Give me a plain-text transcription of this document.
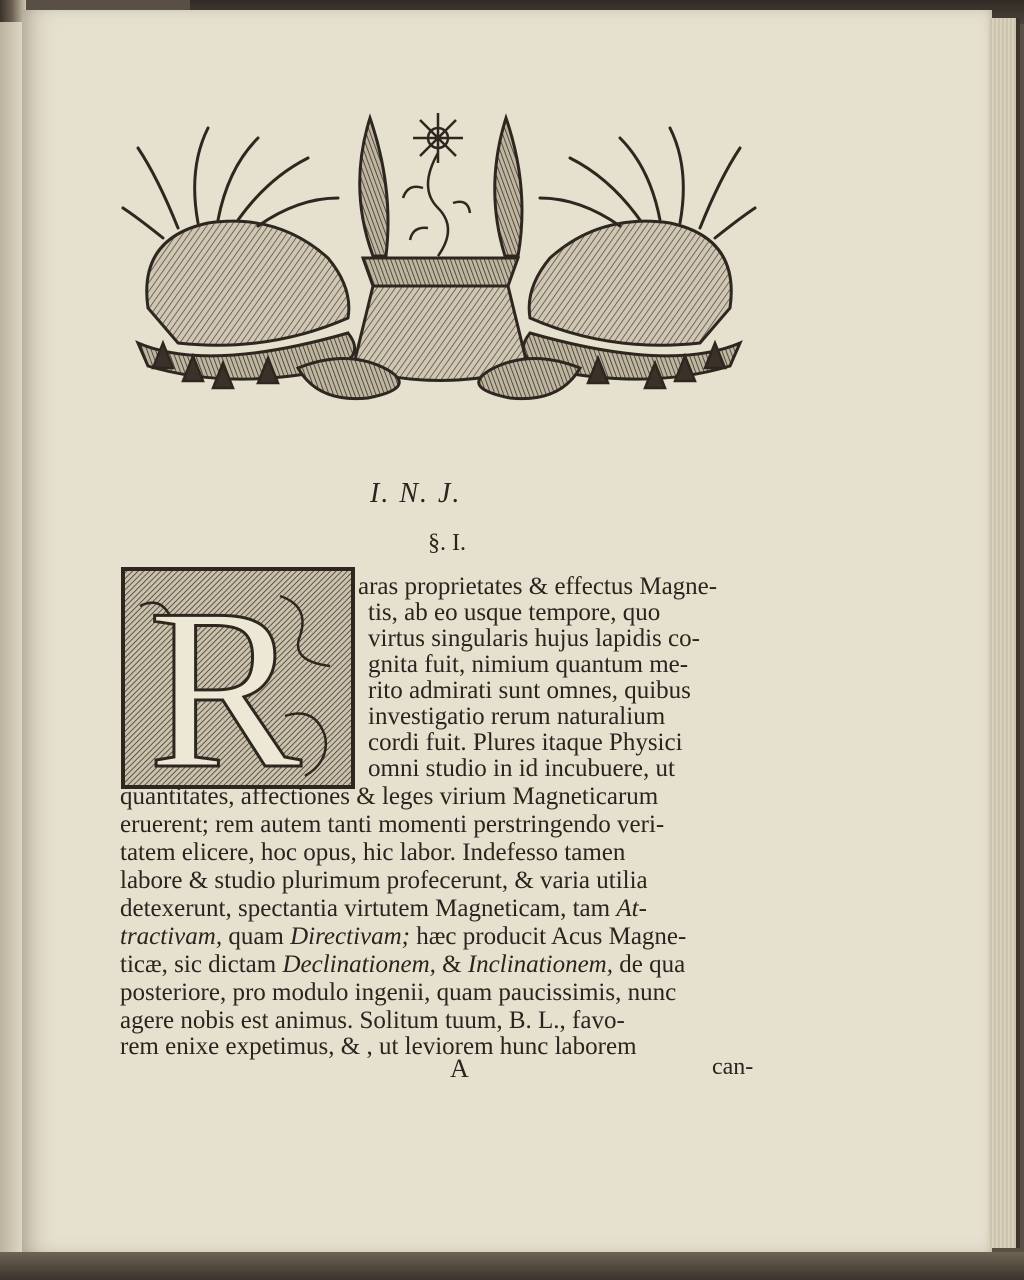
I. N. J.
§. I.
R aras proprietates & effectus Magne-
tis, ab eo usque tempore, quo
virtus singularis hujus lapidis co-
gnita fuit, nimium quantum me-
rito admirati sunt omnes, quibus
investigatio rerum naturalium
cordi fuit. Plures itaque Physici
omni studio in id incubuere, ut
quantitates, affectiones & leges virium Magneticarum
eruerent; rem autem tanti momenti perstringendo veri-
tatem elicere, hoc opus, hic labor. Indefesso tamen
labore & studio plurimum profecerunt, & varia utilia
detexerunt, spectantia virtutem Magneticam, tam At-
tractivam, quam Directivam; hæc producit Acus Magne-
ticæ, sic dictam Declinationem, & Inclinationem, de qua
posteriore, pro modulo ingenii, quam paucissimis, nunc
agere nobis est animus. Solitum tuum, B. L., favo-
rem enixe expetimus, & , ut leviorem hunc laborem
A	can-
